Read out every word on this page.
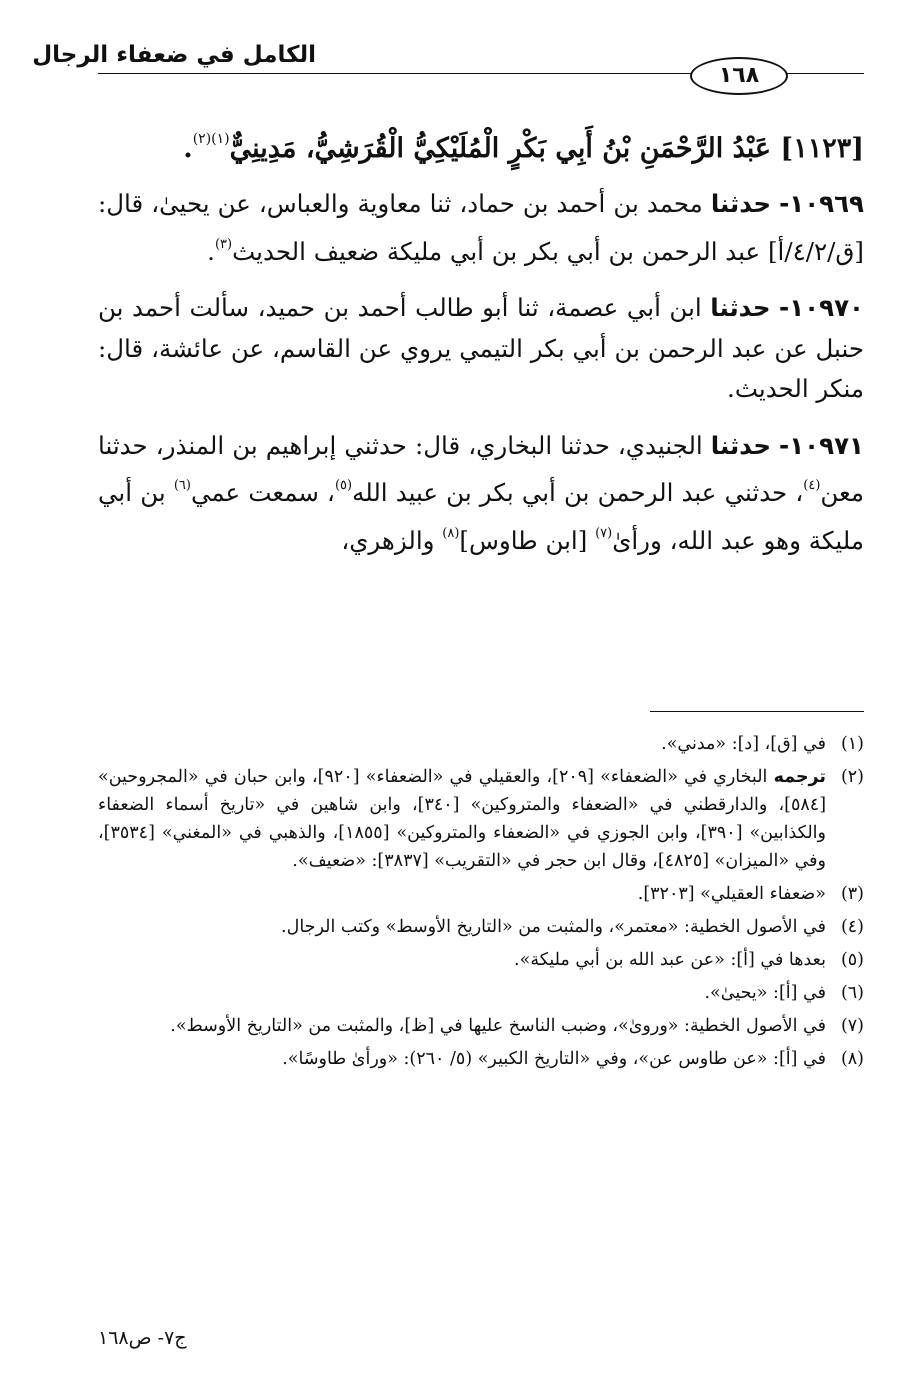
الكامل في ضعفاء الرجال
١٦٨
[١١٢٣] عَبْدُ الرَّحْمَنِ بْنُ أَبِي بَكْرٍ الْمُلَيْكِيُّ الْقُرَشِيُّ، مَدِينِيٌّ$^{(١)(٢)}$.

١٠٩٦٩- حدثنا محمد بن أحمد بن حماد، ثنا معاوية والعباس، عن يحيىٰ، قال: [ق/٤/٢/أ] عبد الرحمن بن أبي بكر بن أبي مليكة ضعيف الحديث$^{(٣)}$.

١٠٩٧٠- حدثنا ابن أبي عصمة، ثنا أبو طالب أحمد بن حميد، سألت أحمد بن حنبل عن عبد الرحمن بن أبي بكر التيمي يروي عن القاسم، عن عائشة، قال: منكر الحديث.

١٠٩٧١- حدثنا الجنيدي، حدثنا البخاري، قال: حدثني إبراهيم بن المنذر، حدثنا معن$^{(٤)}$، حدثني عبد الرحمن بن أبي بكر بن عبيد الله$^{(٥)}$، سمعت عمي$^{(٦)}$ بن أبي مليكة وهو عبد الله، ورأىٰ$^{(٧)}$ [ابن طاوس]$^{(٨)}$ والزهري،

(١)
في [ق]، [د]: «مدني».

(٢)
ترجمه البخاري في «الضعفاء» [٢٠٩]، والعقيلي في «الضعفاء» [٩٢٠]، وابن حبان في «المجروحين» [٥٨٤]، والدارقطني في «الضعفاء والمتروكين» [٣٤٠]، وابن شاهين في «تاريخ أسماء الضعفاء والكذابين» [٣٩٠]، وابن الجوزي في «الضعفاء والمتروكين» [١٨٥٥]، والذهبي في «المغني» [٣٥٣٤]، وفي «الميزان» [٤٨٢٥]، وقال ابن حجر في «التقريب» [٣٨٣٧]: «ضعيف».

(٣)
«ضعفاء العقيلي» [٣٢٠٣].

(٤)
في الأصول الخطية: «معتمر»، والمثبت من «التاريخ الأوسط» وكتب الرجال.

(٥)
بعدها في [أ]: «عن عبد الله بن أبي مليكة».

(٦)
في [أ]: «يحيىٰ».

(٧)
في الأصول الخطية: «وروىٰ»، وضبب الناسخ عليها في [ظ]، والمثبت من «التاريخ الأوسط».

(٨)
في [أ]: «عن طاوس عن»، وفي «التاريخ الكبير» (٥/ ٢٦٠): «ورأىٰ طاوسًا».

ج٧- ص١٦٨
